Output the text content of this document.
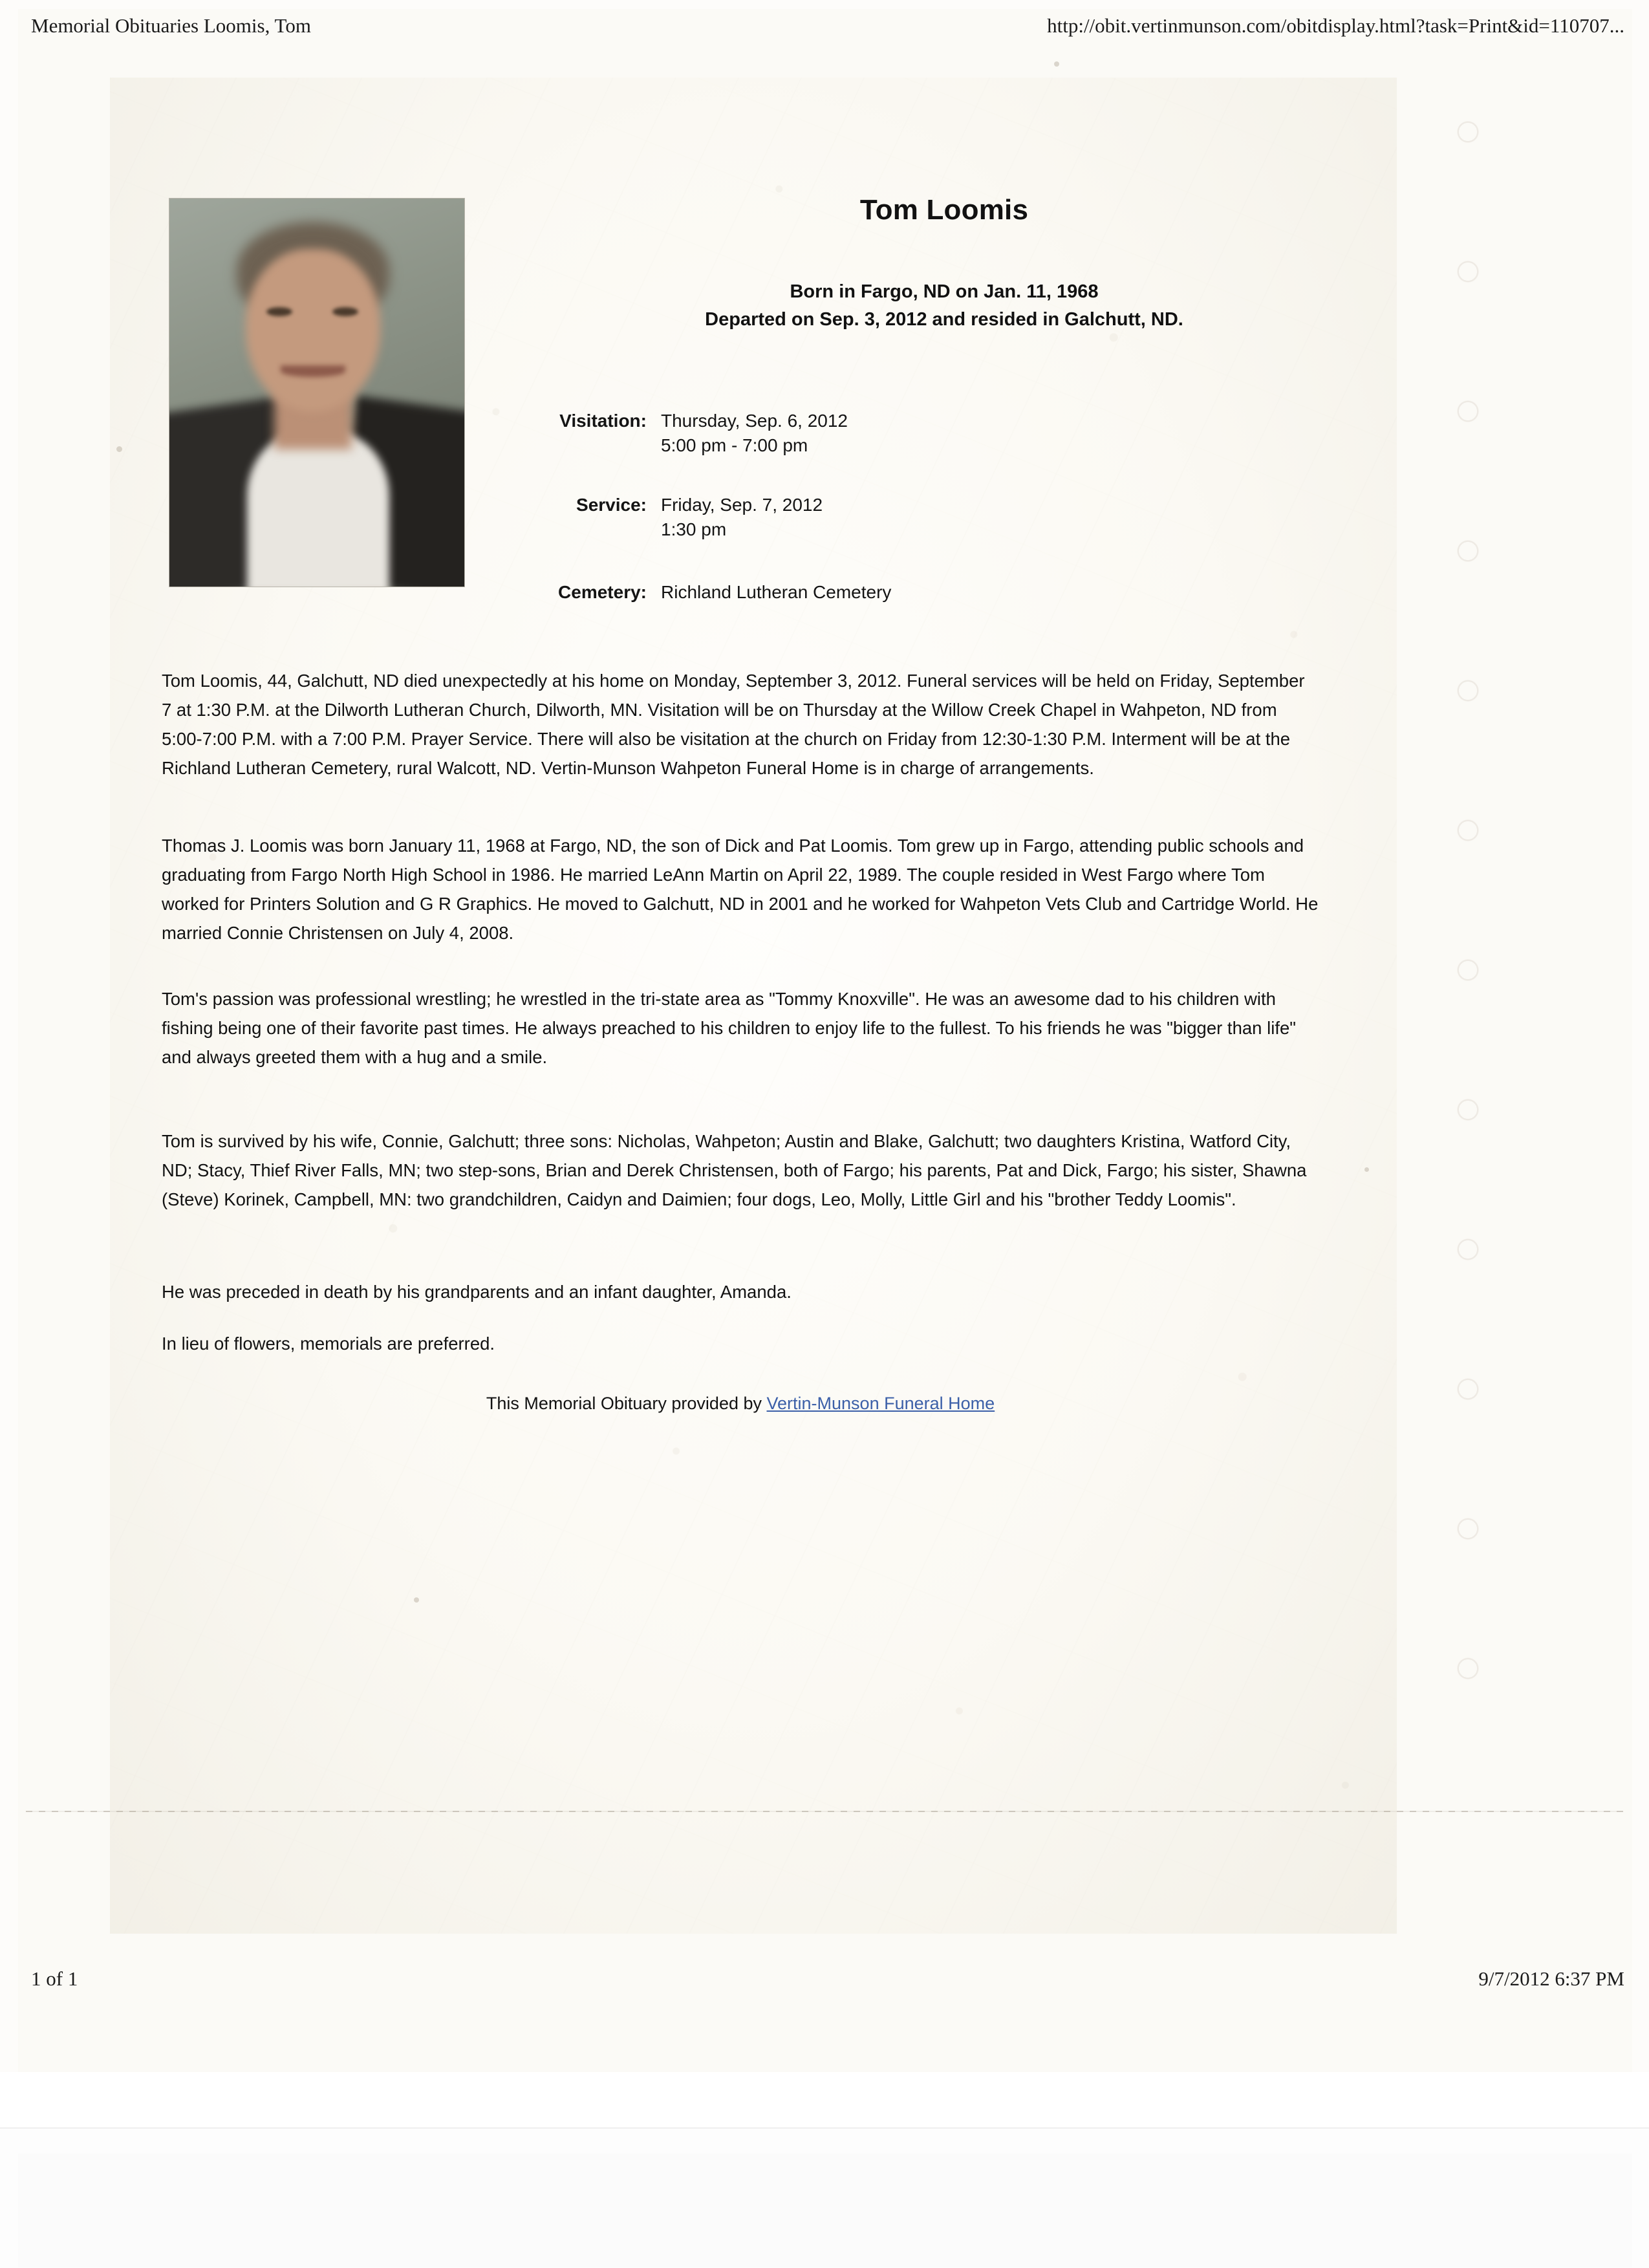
Memorial Obituaries Loomis, Tom	http://obit.vertinmunson.com/obitdisplay.html?task=Print&id=110707...
Tom Loomis
Born in Fargo, ND on Jan. 11, 1968
Departed on Sep. 3, 2012 and resided in Galchutt, ND.
Visitation: Thursday, Sep. 6, 2012
5:00 pm - 7:00 pm
Service: Friday, Sep. 7, 2012
1:30 pm
Cemetery: Richland Lutheran Cemetery
Tom Loomis, 44, Galchutt, ND died unexpectedly at his home on Monday, September 3, 2012. Funeral services will be held on Friday, September 7 at 1:30 P.M. at the Dilworth Lutheran Church, Dilworth, MN. Visitation will be on Thursday at the Willow Creek Chapel in Wahpeton, ND from 5:00-7:00 P.M. with a 7:00 P.M. Prayer Service. There will also be visitation at the church on Friday from 12:30-1:30 P.M. Interment will be at the Richland Lutheran Cemetery, rural Walcott, ND. Vertin-Munson Wahpeton Funeral Home is in charge of arrangements.
Thomas J. Loomis was born January 11, 1968 at Fargo, ND, the son of Dick and Pat Loomis. Tom grew up in Fargo, attending public schools and graduating from Fargo North High School in 1986. He married LeAnn Martin on April 22, 1989. The couple resided in West Fargo where Tom worked for Printers Solution and G R Graphics. He moved to Galchutt, ND in 2001 and he worked for Wahpeton Vets Club and Cartridge World. He married Connie Christensen on July 4, 2008.
Tom's passion was professional wrestling; he wrestled in the tri-state area as "Tommy Knoxville". He was an awesome dad to his children with fishing being one of their favorite past times. He always preached to his children to enjoy life to the fullest. To his friends he was "bigger than life" and always greeted them with a hug and a smile.
Tom is survived by his wife, Connie, Galchutt; three sons: Nicholas, Wahpeton; Austin and Blake, Galchutt; two daughters Kristina, Watford City, ND; Stacy, Thief River Falls, MN; two step-sons, Brian and Derek Christensen, both of Fargo; his parents, Pat and Dick, Fargo; his sister, Shawna (Steve) Korinek, Campbell, MN: two grandchildren, Caidyn and Daimien; four dogs, Leo, Molly, Little Girl and his "brother Teddy Loomis".
He was preceded in death by his grandparents and an infant daughter, Amanda.
In lieu of flowers, memorials are preferred.
This Memorial Obituary provided by Vertin-Munson Funeral Home
1 of 1	9/7/2012 6:37 PM
